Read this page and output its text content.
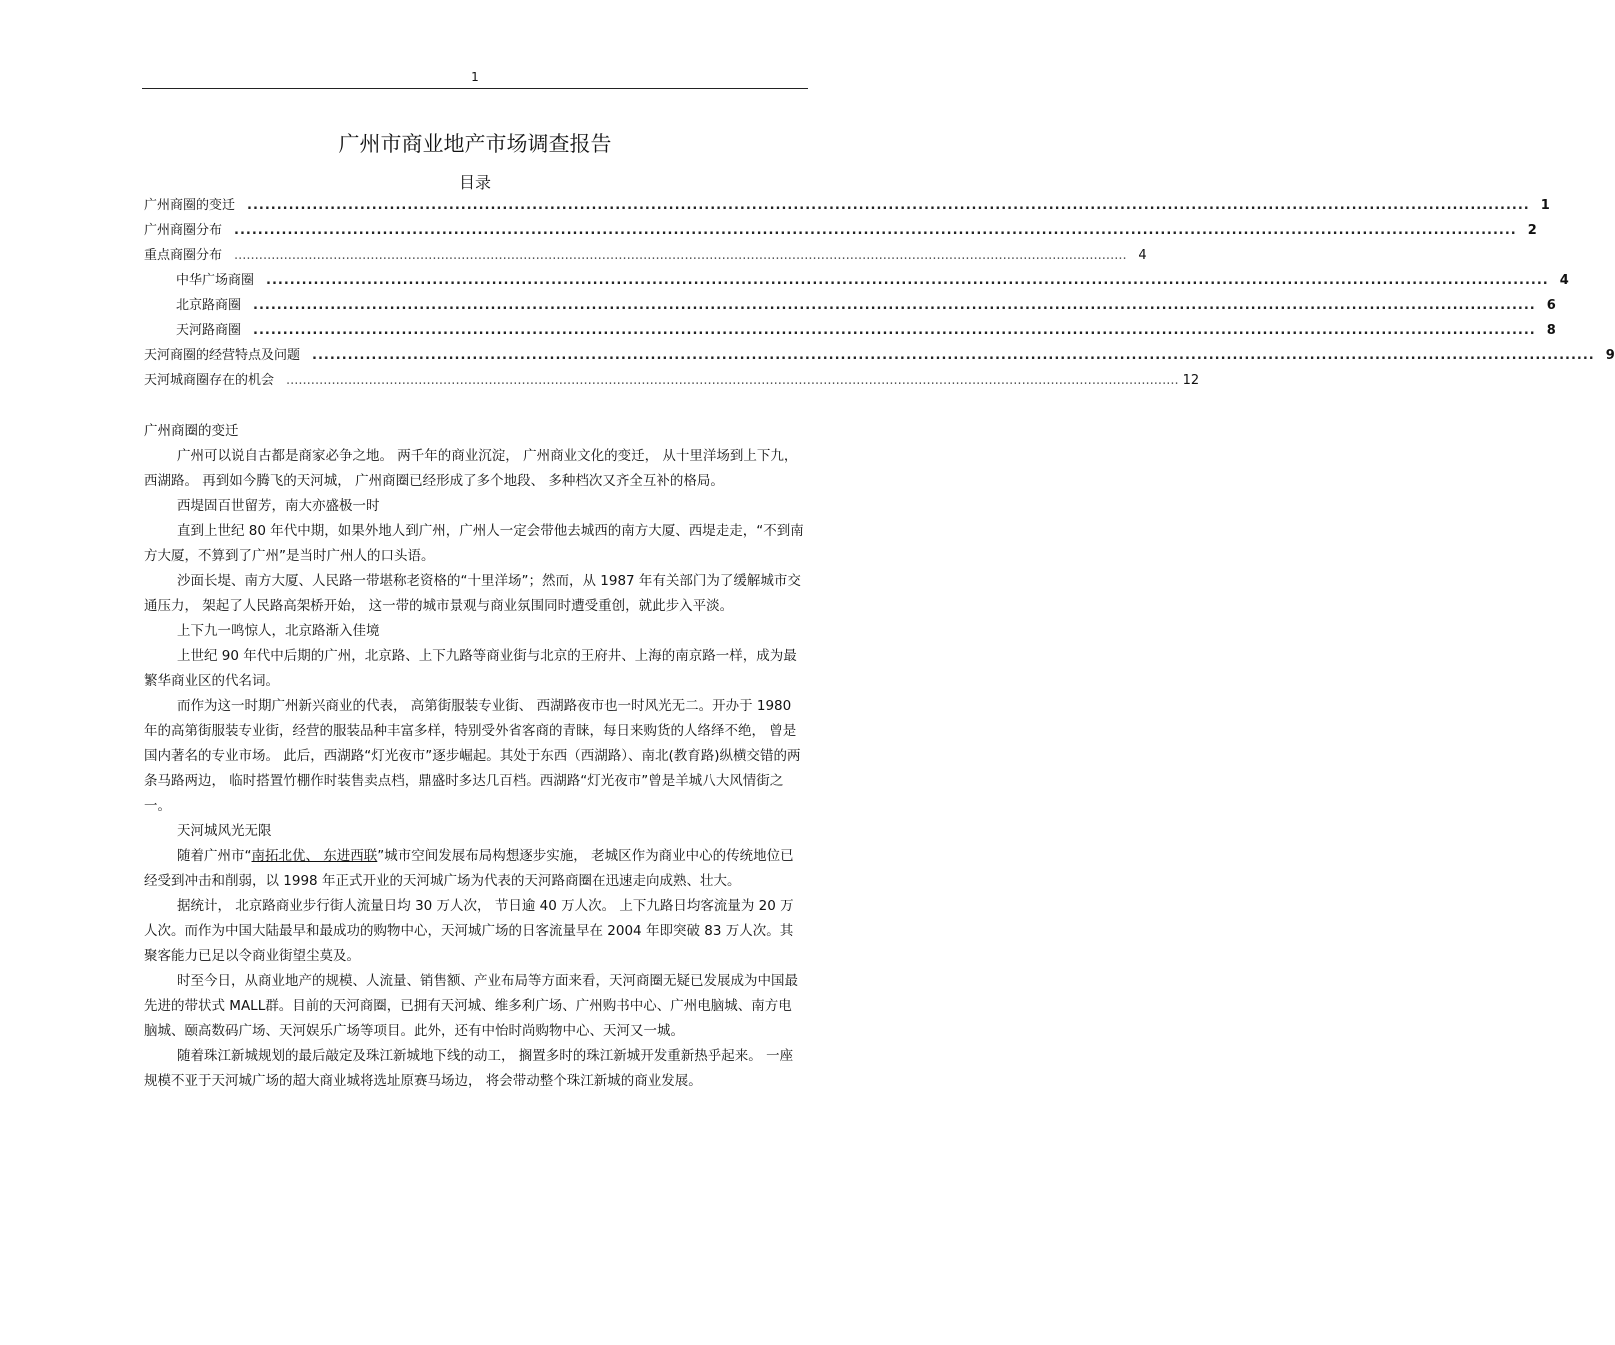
1
广州市商业地产市场调查报告
目录
广州商圈的变迁 ........................................................................................................................................................................................................................ 1
广州商圈分布 ........................................................................................................................................................................................................................ 2
重点商圈分布 ........................................................................................................................................................................................................................ 4
中华广场商圈 ........................................................................................................................................................................................................................ 4
北京路商圈 ........................................................................................................................................................................................................................ 6
天河路商圈 ........................................................................................................................................................................................................................ 8
天河商圈的经营特点及问题 ........................................................................................................................................................................................................................ 9
天河城商圈存在的机会 ........................................................................................................................................................................................................................ 12

广州商圈的变迁

广州可以说自古都是商家必争之地。 两千年的商业沉淀， 广州商业文化的变迁， 从十里洋场到上下九， 西湖路。 再到如今腾飞的天河城， 广州商圈已经形成了多个地段、 多种档次又齐全互补的格局。

西堤固百世留芳，南大亦盛极一时

直到上世纪 80 年代中期，如果外地人到广州，广州人一定会带他去城西的南方大厦、西堤走走，“不到南方大厦，不算到了广州”是当时广州人的口头语。

沙面长堤、南方大厦、人民路一带堪称老资格的“十里洋场”；然而，从 1987 年有关部门为了缓解城市交通压力， 架起了人民路高架桥开始， 这一带的城市景观与商业氛围同时遭受重创，就此步入平淡。

上下九一鸣惊人，北京路渐入佳境

上世纪 90 年代中后期的广州，北京路、上下九路等商业街与北京的王府井、上海的南京路一样，成为最繁华商业区的代名词。

而作为这一时期广州新兴商业的代表， 高第街服装专业街、 西湖路夜市也一时风光无二。开办于 1980 年的高第街服装专业街，经营的服装品种丰富多样，特别受外省客商的青睐，每日来购货的人络绎不绝， 曾是国内著名的专业市场。 此后，西湖路“灯光夜市”逐步崛起。其处于东西（西湖路）、南北(教育路)纵横交错的两条马路两边， 临时搭置竹棚作时装售卖点档，鼎盛时多达几百档。西湖路“灯光夜市”曾是羊城八大风情街之一。

天河城风光无限

随着广州市“南拓北优、 东进西联”城市空间发展布局构想逐步实施， 老城区作为商业中心的传统地位已经受到冲击和削弱，以 1998 年正式开业的天河城广场为代表的天河路商圈在迅速走向成熟、壮大。

据统计， 北京路商业步行街人流量日均 30 万人次， 节日逾 40 万人次。 上下九路日均客流量为 20 万人次。而作为中国大陆最早和最成功的购物中心，天河城广场的日客流量早在 2004 年即突破 83 万人次。其聚客能力已足以令商业街望尘莫及。

时至今日，从商业地产的规模、人流量、销售额、产业布局等方面来看，天河商圈无疑已发展成为中国最先进的带状式 MALL群。目前的天河商圈，已拥有天河城、维多利广场、广州购书中心、广州电脑城、南方电脑城、颐高数码广场、天河娱乐广场等项目。此外，还有中怡时尚购物中心、天河又一城。

随着珠江新城规划的最后敲定及珠江新城地下线的动工， 搁置多时的珠江新城开发重新热乎起来。 一座规模不亚于天河城广场的超大商业城将选址原赛马场边， 将会带动整个珠江新城的商业发展。
